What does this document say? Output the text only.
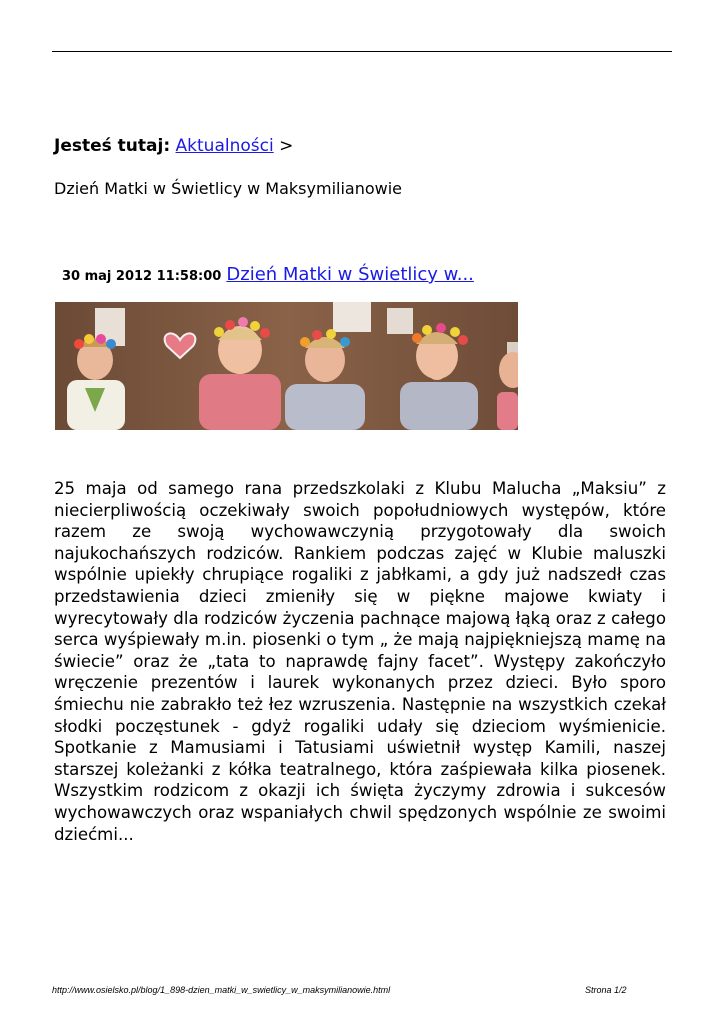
Jesteś tutaj: Aktualności >
Dzień Matki w Świetlicy w Maksymilianowie
30 maj 2012 11:58:00 Dzień Matki w Świetlicy w...

25 maja od samego rana przedszkolaki z Klubu Malucha „Maksiu” z niecierpliwością oczekiwały swoich popołudniowych występów, które razem ze swoją wychowawczynią przygotowały dla swoich najukochańszych rodziców. Rankiem podczas zajęć w Klubie maluszki wspólnie upiekły chrupiące rogaliki z jabłkami, a gdy już nadszedł czas przedstawienia dzieci zmieniły się w piękne majowe kwiaty i wyrecytowały dla rodziców życzenia pachnące majową łąką oraz z całego serca wyśpiewały m.in. piosenki o tym „ że mają najpiękniejszą mamę na świecie” oraz że „tata to naprawdę fajny facet”. Występy zakończyło wręczenie prezentów i laurek wykonanych przez dzieci. Było sporo śmiechu nie zabrakło też łez wzruszenia. Następnie na wszystkich czekał słodki poczęstunek - gdyż rogaliki udały się dzieciom wyśmienicie. Spotkanie z Mamusiami i Tatusiami uświetnił występ Kamili, naszej starszej koleżanki z kółka teatralnego, która zaśpiewała kilka piosenek. Wszystkim rodzicom z okazji ich święta życzymy zdrowia i sukcesów wychowawczych oraz wspaniałych chwil spędzonych wspólnie ze swoimi dziećmi...

http://www.osielsko.pl/blog/1_898-dzien_matki_w_swietlicy_w_maksymilianowie.html	Strona 1/2
